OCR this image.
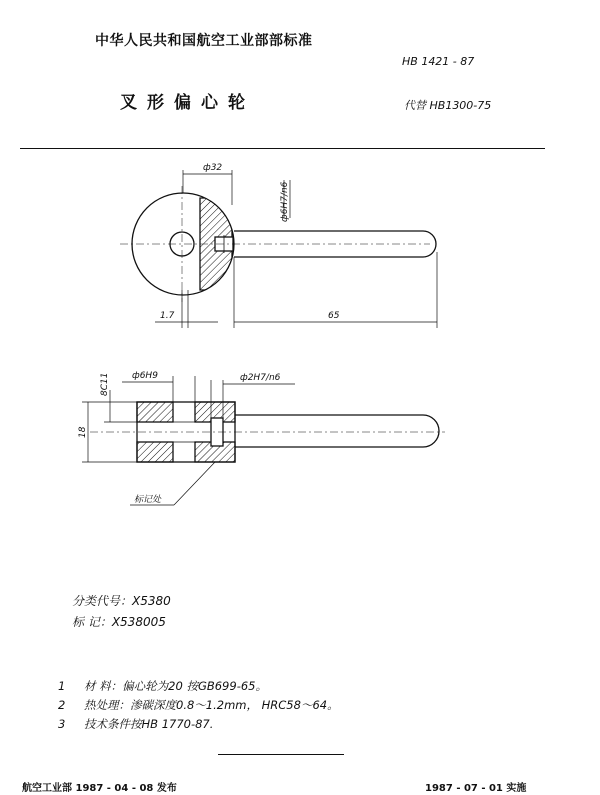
中华人民共和国航空工业部部标准
HB 1421 - 87
叉形偏心轮	代替 HB1300-75
ф32
ф6H7/n6
65
1.7
ф6H9	ф2H7/n6
8C11
18
标记处
分类代号：X5380
标 记：X538005
1 材 料：偏心轮为20 按GB699-65。
2 热处理：渗碳深度0.8～1.2mm， HRC58～64。
3 技术条件按HB 1770-87.
航空工业部 1987 - 04 - 08 发布	1987 - 07 - 01 实施
